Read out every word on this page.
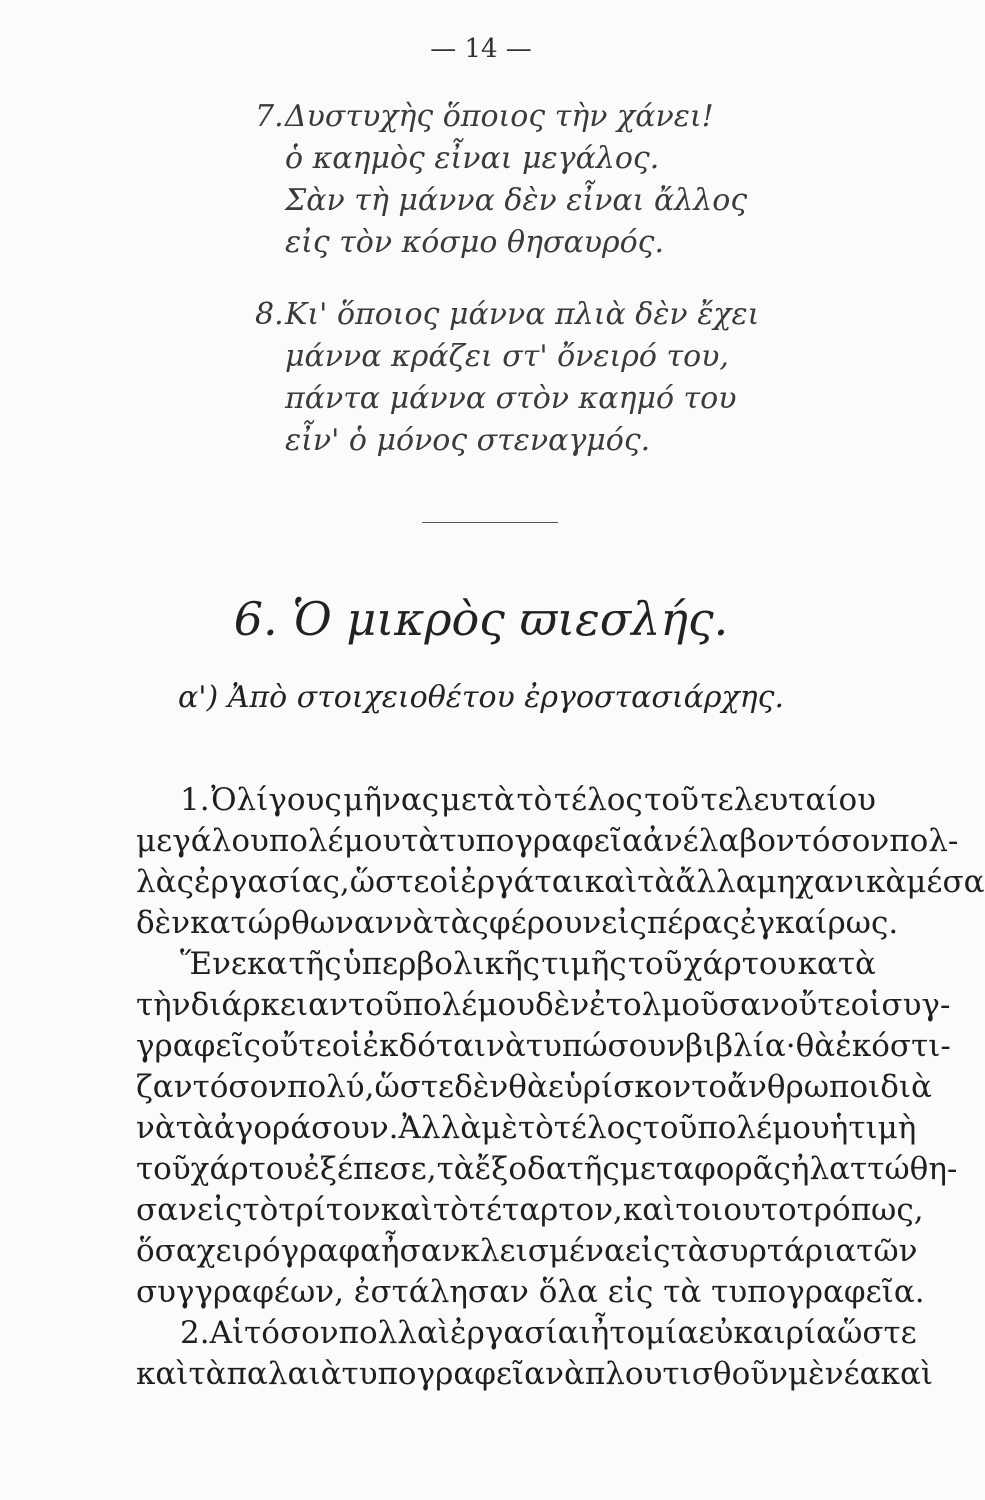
— 14 —
7.Δυστυχὴς ὅποιος τὴν χάνει!
ὁ καημὸς εἶναι μεγάλος.
Σὰν τὴ μάννα δὲν εἶναι ἄλλος
εἰς τὸν κόσμο θησαυρός.
8.Κι' ὅποιος μάννα πλιὰ δὲν ἔχει
μάννα κράζει στ' ὄνειρό του,
πάντα μάννα στὸν καημό του
εἶν' ὁ μόνος στεναγμός.
6. Ὁ μικρὸς ϖιεσλής.
α') Ἀπὸ στοιχειοθέτου ἐργοστασιάρχης.
1. Ὀλίγους μῆνας μετὰ τὸ τέλος τοῦ τελευταίου
μεγάλου πολέμου τὰ τυπογραφεῖα ἀνέλαβον τόσον πολ-
λὰς ἐργασίας, ὥστε οἱ ἐργάται καὶ τὰ ἄλλα μηχανικὰ μέσα
δὲν κατώρθωναν νὰ τὰς φέρουν εἰς πέρας ἐγκαίρως.
Ἕνεκα τῆς ὑπερβολικῆς τιμῆς τοῦ χάρτου κατὰ
τὴν διάρκειαν τοῦ πολέμου δὲν ἐτολμοῦσαν οὔτε οἱ συγ-
γραφεῖς οὔτε οἱ ἐκδόται νὰ τυπώσουν βιβλία· θὰ ἐκόστι-
ζαν τόσον πολύ, ὥστε δὲν θὰ εὑρίσκοντο ἄνθρωποι διὰ
νὰ τὰ ἀγοράσουν. Ἀλλὰ μὲ τὸ τέλος τοῦ πολέμου ἡ τιμὴ
τοῦ χάρτου ἐξέπεσε, τὰ ἔξοδα τῆς μεταφορᾶς ἠλαττώθη-
σαν εἰς τὸ τρίτον καὶ τὸ τέταρτον, καὶ τοιουτοτρόπως,
ὅσα χειρόγραφα ἦσαν κλεισμένα εἰς τὰ συρτάρια τῶν
συγγραφέων, ἐστάλησαν ὅλα εἰς τὰ τυπογραφεῖα.
2. Αἱ τόσον πολλαὶ ἐργασίαι ἦτο μία εὐκαιρία ὥστε
καὶ τὰ παλαιὰ τυπογραφεῖα νὰ πλουτισθοῦν μὲ νέα καὶ
